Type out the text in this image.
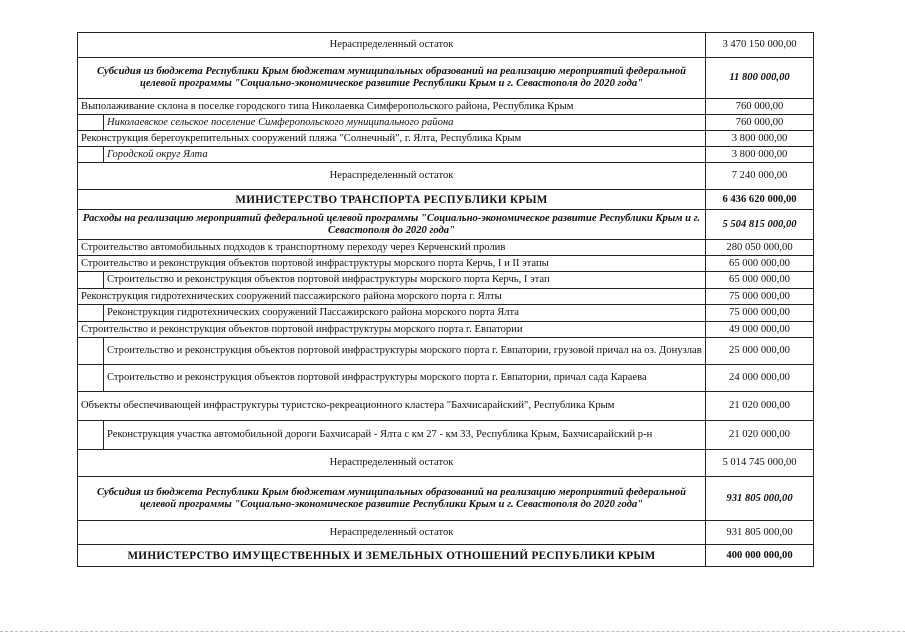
Нераспределенный остаток		3 470 150 000,00
Субсидия из бюджета Республики Крым бюджетам муниципальных образований на реализацию мероприятий федеральной целевой программы "Социально-экономическое развитие Республики Крым и г. Севастополя до 2020 года"		11 800 000,00
Выполаживание склона в поселке городского типа Николаевка Симферопольского района, Республика Крым		760 000,00
	Николаевское сельское поселение Симферопольского муниципального района	760 000,00
Реконструкция берегоукрепительных сооружений пляжа "Солнечный", г. Ялта, Республика Крым		3 800 000,00
	Городской округ Ялта	3 800 000,00
Нераспределенный остаток		7 240 000,00
МИНИСТЕРСТВО ТРАНСПОРТА РЕСПУБЛИКИ КРЫМ		6 436 620 000,00
Расходы на реализацию мероприятий федеральной целевой программы "Социально-экономическое развитие Республики Крым и г. Севастополя до 2020 года"		5 504 815 000,00
Строительство автомобильных подходов к транспортному переходу через Керченский пролив		280 050 000,00
Строительство и реконструкция объектов портовой инфраструктуры морского порта Керчь, I и II этапы		65 000 000,00
	Строительство и реконструкция объектов портовой инфраструктуры морского порта Керчь, I этап	65 000 000,00
Реконструкция гидротехнических сооружений пассажирского района морского порта г. Ялты		75 000 000,00
	Реконструкция гидротехнических сооружений Пассажирского района морского порта Ялта	75 000 000,00
Строительство и реконструкция объектов портовой инфраструктуры морского порта г. Евпатории		49 000 000,00
	Строительство и реконструкция объектов портовой инфраструктуры морского порта г. Евпатории, грузовой причал на оз. Донузлав	25 000 000,00
	Строительство и реконструкция объектов портовой инфраструктуры морского порта г. Евпатории, причал сада Караева	24 000 000,00
Объекты обеспечивающей инфраструктуры туристско-рекреационного кластера "Бахчисарайский", Республика Крым		21 020 000,00
	Реконструкция участка автомобильной дороги Бахчисарай - Ялта с км 27 - км 33, Республика Крым, Бахчисарайский р-н	21 020 000,00
Нераспределенный остаток		5 014 745 000,00
Субсидия из бюджета Республики Крым бюджетам муниципальных образований на реализацию мероприятий федеральной целевой программы "Социально-экономическое развитие Республики Крым и г. Севастополя до 2020 года"		931 805 000,00
Нераспределенный остаток		931 805 000,00
МИНИСТЕРСТВО ИМУЩЕСТВЕННЫХ И ЗЕМЕЛЬНЫХ ОТНОШЕНИЙ РЕСПУБЛИКИ КРЫМ		400 000 000,00
